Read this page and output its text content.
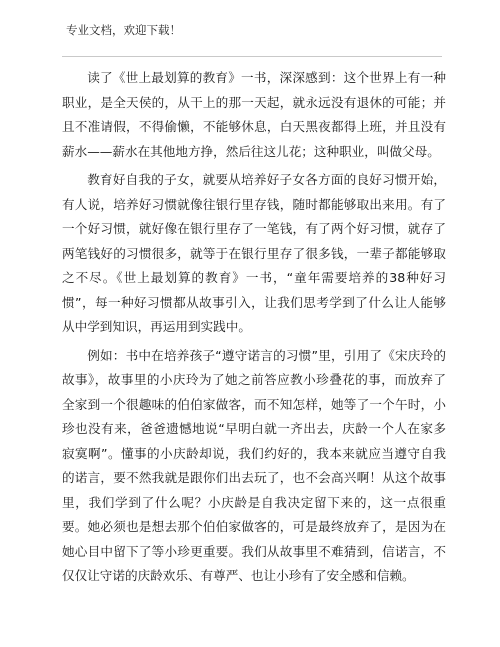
专业文档，欢迎下载！

读了《世上最划算的教育》一书，深深感到：这个世界上有一种职业，是全天侯的，从干上的那一天起，就永远没有退休的可能；并且不准请假，不得偷懒，不能够休息，白天黑夜都得上班，并且没有薪水——薪水在其他地方挣，然后往这儿花；这种职业，叫做父母。

教育好自我的子女，就要从培养好子女各方面的良好习惯开始，有人说，培养好习惯就像往银行里存钱，随时都能够取出来用。有了一个好习惯，就好像在银行里存了一笔钱，有了两个好习惯，就存了两笔钱好的习惯很多，就等于在银行里存了很多钱，一辈子都能够取之不尽。《世上最划算的教育》一书，“童年需要培养的38种好习惯”，每一种好习惯都从故事引入，让我们思考学到了什么让人能够从中学到知识，再运用到实践中。

例如：书中在培养孩子“遵守诺言的习惯”里，引用了《宋庆玲的故事》，故事里的小庆玲为了她之前答应教小珍叠花的事，而放弃了全家到一个很趣味的伯伯家做客，而不知怎样，她等了一个午时，小珍也没有来，爸爸遗憾地说“早明白就一齐出去，庆龄一个人在家多寂寞啊”。懂事的小庆龄却说，我们约好的，我本来就应当遵守自我的诺言，要不然我就是跟你们出去玩了，也不会高兴啊！从这个故事里，我们学到了什么呢？小庆龄是自我决定留下来的，这一点很重要。她必须也是想去那个伯伯家做客的，可是最终放弃了，是因为在她心目中留下了等小珍更重要。我们从故事里不难猜到，信诺言，不仅仅让守诺的庆龄欢乐、有尊严、也让小珍有了安全感和信赖。
